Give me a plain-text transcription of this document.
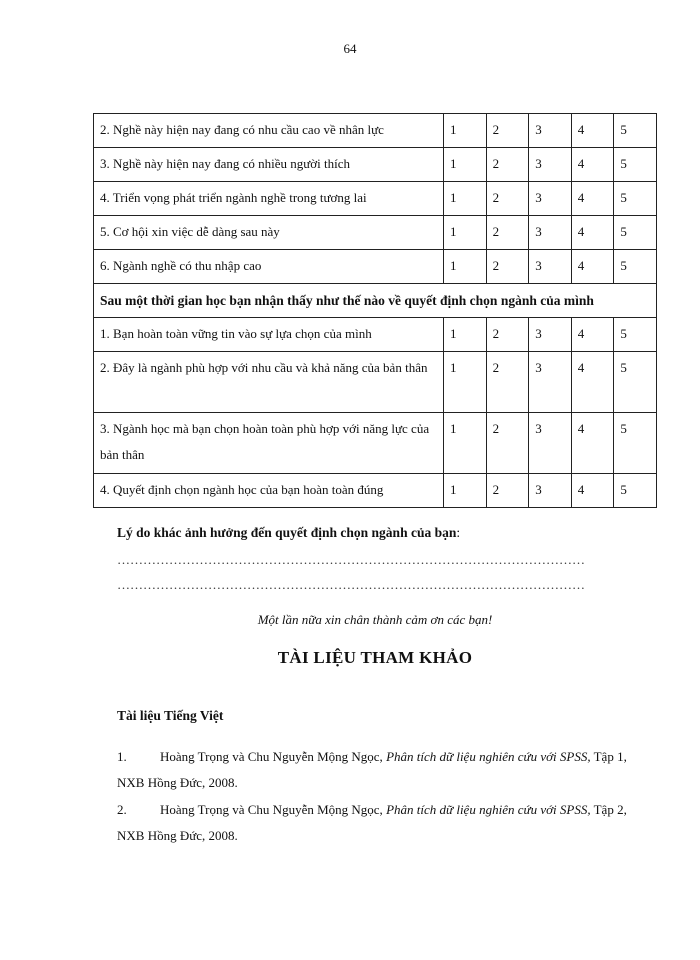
64
2. Nghề này hiện nay đang có nhu cầu cao về nhân lực	1	2	3	4	5
3. Nghề này hiện nay đang có nhiều người thích	1	2	3	4	5
4. Triển vọng phát triển ngành nghề trong tương lai	1	2	3	4	5
5. Cơ hội xin việc dễ dàng sau này	1	2	3	4	5
6. Ngành nghề có thu nhập cao	1	2	3	4	5
Sau một thời gian học bạn nhận thấy như thế nào về quyết định chọn ngành của mình					
1. Bạn hoàn toàn vững tin vào sự lựa chọn của mình	1	2	3	4	5
2. Đây là ngành phù hợp với nhu cầu và khả năng của bản thân	1	2	3	4	5
3. Ngành học mà bạn chọn hoàn toàn phù hợp với năng lực của bản thân	1	2	3	4	5
4. Quyết định chọn ngành học của bạn hoàn toàn đúng	1	2	3	4	5
Lý do khác ảnh hưởng đến quyết định chọn ngành của bạn:
………………………………………………………………………………………………
………………………………………………………………………………………………
Một lần nữa xin chân thành cảm ơn các bạn!
TÀI LIỆU THAM KHẢO
Tài liệu Tiếng Việt
1.	Hoàng Trọng và Chu Nguyễn Mộng Ngọc, Phân tích dữ liệu nghiên cứu với SPSS, Tập 1, NXB Hồng Đức, 2008.
2.	Hoàng Trọng và Chu Nguyễn Mộng Ngọc, Phân tích dữ liệu nghiên cứu với SPSS, Tập 2, NXB Hồng Đức, 2008.
